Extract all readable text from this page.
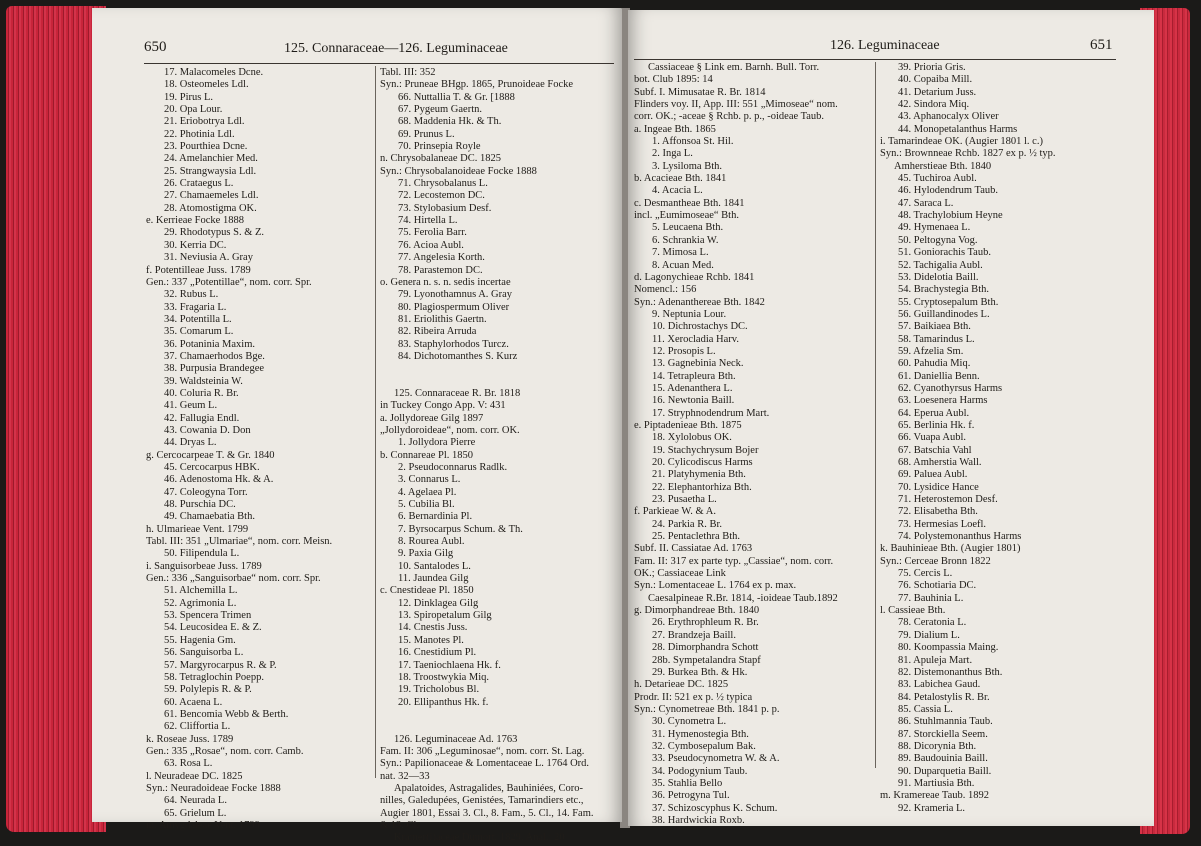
650	125. Connaraceae—126. Leguminaceae
17. Malacomeles Dcne.
18. Osteomeles Ldl.
19. Pirus L.
20. Opa Lour.
21. Eriobotrya Ldl.
22. Photinia Ldl.
23. Pourthiea Dcne.
24. Amelanchier Med.
25. Strangwaysia Ldl.
26. Crataegus L.
27. Chamaemeles Ldl.
28. Atomostigma OK.
e. Kerrieae Focke 1888
29. Rhodotypus S. & Z.
30. Kerria DC.
31. Neviusia A. Gray
f. Potentilleae Juss. 1789
Gen.: 337 „Potentillae“, nom. corr. Spr.
32. Rubus L.
33. Fragaria L.
34. Potentilla L.
35. Comarum L.
36. Potaninia Maxim.
37. Chamaerhodos Bge.
38. Purpusia Brandegee
39. Waldsteinia W.
40. Coluria R. Br.
41. Geum L.
42. Fallugia Endl.
43. Cowania D. Don
44. Dryas L.
g. Cercocarpeae T. & Gr. 1840
45. Cercocarpus HBK.
46. Adenostoma Hk. & A.
47. Coleogyna Torr.
48. Purschia DC.
49. Chamaebatia Bth.
h. Ulmarieae Vent. 1799
Tabl. III: 351 „Ulmariae“, nom. corr. Meisn.
50. Filipendula L.
i. Sanguisorbeae Juss. 1789
Gen.: 336 „Sanguisorbae“ nom. corr. Spr.
51. Alchemilla L.
52. Agrimonia L.
53. Spencera Trimen
54. Leucosidea E. & Z.
55. Hagenia Gm.
56. Sanguisorba L.
57. Margyrocarpus R. & P.
58. Tetraglochin Poepp.
59. Polylepis R. & P.
60. Acaena L.
61. Bencomia Webb & Berth.
62. Cliffortia L.
k. Roseae Juss. 1789
Gen.: 335 „Rosae“, nom. corr. Camb.
63. Rosa L.
l. Neuradeae DC. 1825
Syn.: Neuradoideae Focke 1888
64. Neurada L.
65. Grielum L.
m. Amygdaleae Vent. 1799
Tabl. III: 352
Syn.: Pruneae BHgp. 1865, Prunoideae Focke
66. Nuttallia T. & Gr. [1888
67. Pygeum Gaertn.
68. Maddenia Hk. & Th.
69. Prunus L.
70. Prinsepia Royle
n. Chrysobalaneae DC. 1825
Syn.: Chrysobalanoideae Focke 1888
71. Chrysobalanus L.
72. Lecostemon DC.
73. Stylobasium Desf.
74. Hirtella L.
75. Ferolia Barr.
76. Acioa Aubl.
77. Angelesia Korth.
78. Parastemon DC.
o. Genera n. s. n. sedis incertae
79. Lyonothamnus A. Gray
80. Plagiospermum Oliver
81. Eriolithis Gaertn.
82. Ribeira Arruda
83. Staphylorhodos Turcz.
84. Dichotomanthes S. Kurz

125. Connaraceae R. Br. 1818
in Tuckey Congo App. V: 431
a. Jollydoreae Gilg 1897
„Jollydoroideae“, nom. corr. OK.
1. Jollydora Pierre
b. Connareae Pl. 1850
2. Pseudoconnarus Radlk.
3. Connarus L.
4. Agelaea Pl.
5. Cubilia Bl.
6. Bernardinia Pl.
7. Byrsocarpus Schum. & Th.
8. Rourea Aubl.
9. Paxia Gilg
10. Santalodes L.
11. Jaundea Gilg
c. Cnestideae Pl. 1850
12. Dinklagea Gilg
13. Spiropetalum Gilg
14. Cnestis Juss.
15. Manotes Pl.
16. Cnestidium Pl.
17. Taeniochlaena Hk. f.
18. Troostwykia Miq.
19. Tricholobus Bl.
20. Ellipanthus Hk. f.

126. Leguminaceae Ad. 1763
Fam. II: 306 „Leguminosae“, nom. corr. St. Lag.
Syn.: Papilionaceae & Lomentaceae L. 1764 Ord.
nat. 32—33
Apalatoides, Astragalides, Bauhiniées, Coro-
nilles, Galedupées, Genistées, Tamarindiers etc.,
Augier 1801, Essai 3. Cl., 8. Fam., 5. Cl., 14. Fam.
& 13. Cl.
Kramer(i)aceae Dumort. 1829, Anal.: 20
126. Leguminaceae	651
Cassiaceae § Link em. Barnh. Bull. Torr.
bot. Club 1895: 14
Subf. I. Mimusatae R. Br. 1814
Flinders voy. II, App. III: 551 „Mimoseae“ nom.
corr. OK.; -aceae § Rchb. p. p., -oideae Taub.
a. Ingeae Bth. 1865
1. Affonsoa St. Hil.
2. Inga L.
3. Lysiloma Bth.
b. Acacieae Bth. 1841
4. Acacia L.
c. Desmantheae Bth. 1841
incl. „Eumimoseae“ Bth.
5. Leucaena Bth.
6. Schrankia W.
7. Mimosa L.
8. Acuan Med.
d. Lagonychieae Rchb. 1841
Nomencl.: 156
Syn.: Adenanthereae Bth. 1842
9. Neptunia Lour.
10. Dichrostachys DC.
11. Xerocladia Harv.
12. Prosopis L.
13. Gagnebinia Neck.
14. Tetrapleura Bth.
15. Adenanthera L.
16. Newtonia Baill.
17. Stryphnodendrum Mart.
e. Piptadenieae Bth. 1875
18. Xylolobus OK.
19. Stachychrysum Bojer
20. Cylicodiscus Harms
21. Platyhymenia Bth.
22. Elephantorhiza Bth.
23. Pusaetha L.
f. Parkieae W. & A.
24. Parkia R. Br.
25. Pentaclethra Bth.
Subf. II. Cassiatae Ad. 1763
Fam. II: 317 ex parte typ. „Cassiae“, nom. corr.
OK.; Cassiaceae Link
Syn.: Lomentaceae L. 1764 ex p. max.
Caesalpineae R.Br. 1814, -ioideae Taub.1892
g. Dimorphandreae Bth. 1840
26. Erythrophleum R. Br.
27. Brandzeja Baill.
28. Dimorphandra Schott
28b. Sympetalandra Stapf
29. Burkea Bth. & Hk.
h. Detarieae DC. 1825
Prodr. II: 521 ex p. ½ typica
Syn.: Cynometreae Bth. 1841 p. p.
30. Cynometra L.
31. Hymenostegia Bth.
32. Cymbosepalum Bak.
33. Pseudocynometra W. & A.
34. Podogynium Taub.
35. Stahlia Bello
36. Petrogyna Tul.
37. Schizoscyphus K. Schum.
38. Hardwickia Roxb.
39. Prioria Gris.
40. Copaiba Mill.
41. Detarium Juss.
42. Sindora Miq.
43. Aphanocalyx Oliver
44. Monopetalanthus Harms
i. Tamarindeae OK. (Augier 1801 l. c.)
Syn.: Brownneae Rchb. 1827 ex p. ½ typ.
Amherstieae Bth. 1840
45. Tuchiroa Aubl.
46. Hylodendrum Taub.
47. Saraca L.
48. Trachylobium Heyne
49. Hymenaea L.
50. Peltogyna Vog.
51. Goniorachis Taub.
52. Tachigalia Aubl.
53. Didelotia Baill.
54. Brachystegia Bth.
55. Cryptosepalum Bth.
56. Guillandinodes L.
57. Baikiaea Bth.
58. Tamarindus L.
59. Afzelia Sm.
60. Pahudia Miq.
61. Daniellia Benn.
62. Cyanothyrsus Harms
63. Loesenera Harms
64. Eperua Aubl.
65. Berlinia Hk. f.
66. Vuapa Aubl.
67. Batschia Vahl
68. Amherstia Wall.
69. Paluea Aubl.
70. Lysidice Hance
71. Heterostemon Desf.
72. Elisabetha Bth.
73. Hermesias Loefl.
74. Polystemonanthus Harms
k. Bauhinieae Bth. (Augier 1801)
Syn.: Cerceae Bronn 1822
75. Cercis L.
76. Schotiaria DC.
77. Bauhinia L.
l. Cassieae Bth.
78. Ceratonia L.
79. Dialium L.
80. Koompassia Maing.
81. Apuleja Mart.
82. Distemonanthus Bth.
83. Labichea Gaud.
84. Petalostylis R. Br.
85. Cassia L.
86. Stuhlmannia Taub.
87. Storckiella Seem.
88. Dicorynia Bth.
89. Baudouinia Baill.
90. Duparquetia Baill.
91. Martiusia Bth.
m. Kramereae Taub. 1892
92. Krameria L.
